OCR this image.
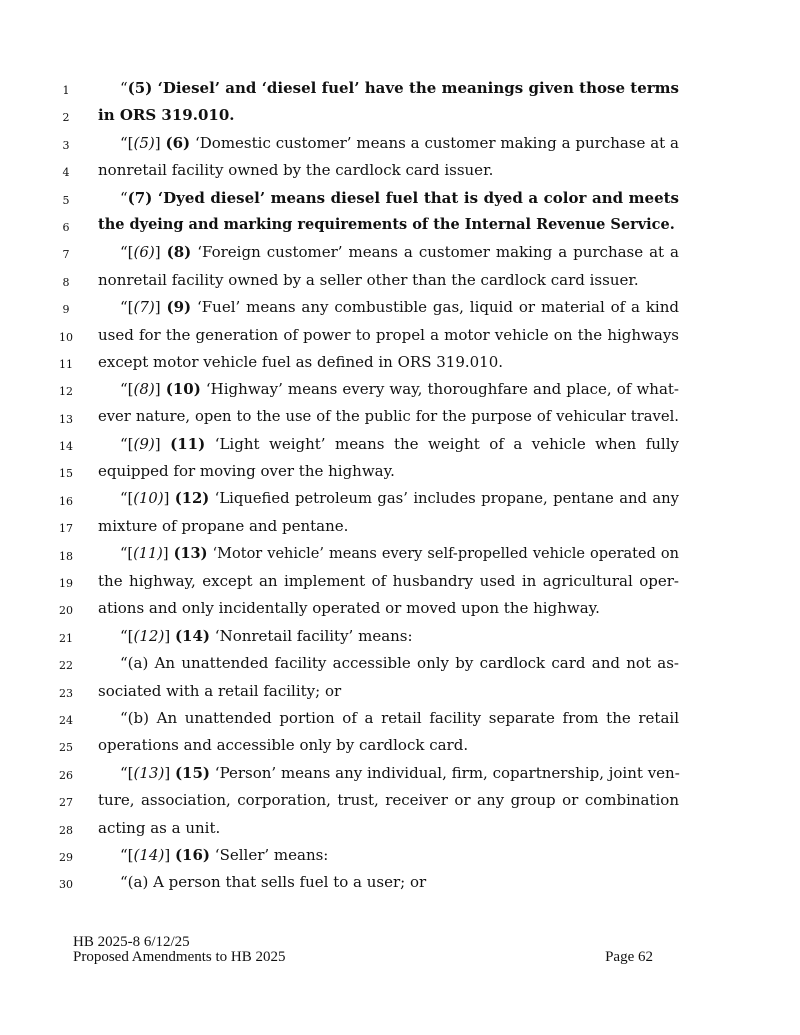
1	“(5) ‘Diesel’ and ‘diesel fuel’ have the meanings given those terms
2	in ORS 319.010.
3	“[(5)] (6) ‘Domestic customer’ means a customer making a purchase at a
4	nonretail facility owned by the cardlock card issuer.
5	“(7) ‘Dyed diesel’ means diesel fuel that is dyed a color and meets
6	the dyeing and marking requirements of the Internal Revenue Service.
7	“[(6)] (8) ‘Foreign customer’ means a customer making a purchase at a
8	nonretail facility owned by a seller other than the cardlock card issuer.
9	“[(7)] (9) ‘Fuel’ means any combustible gas, liquid or material of a kind
10	used for the generation of power to propel a motor vehicle on the highways
11	except motor vehicle fuel as defined in ORS 319.010.
12	“[(8)] (10) ‘Highway’ means every way, thoroughfare and place, of what-
13	ever nature, open to the use of the public for the purpose of vehicular travel.
14	“[(9)] (11) ‘Light weight’ means the weight of a vehicle when fully
15	equipped for moving over the highway.
16	“[(10)] (12) ‘Liquefied petroleum gas’ includes propane, pentane and any
17	mixture of propane and pentane.
18	“[(11)] (13) ‘Motor vehicle’ means every self-propelled vehicle operated on
19	the highway, except an implement of husbandry used in agricultural oper-
20	ations and only incidentally operated or moved upon the highway.
21	“[(12)] (14) ‘Nonretail facility’ means:
22	“(a) An unattended facility accessible only by cardlock card and not as-
23	sociated with a retail facility; or
24	“(b) An unattended portion of a retail facility separate from the retail
25	operations and accessible only by cardlock card.
26	“[(13)] (15) ‘Person’ means any individual, firm, copartnership, joint ven-
27	ture, association, corporation, trust, receiver or any group or combination
28	acting as a unit.
29	“[(14)] (16) ‘Seller’ means:
30	“(a) A person that sells fuel to a user; or
HB 2025-8 6/12/25
Proposed Amendments to HB 2025	Page 62
